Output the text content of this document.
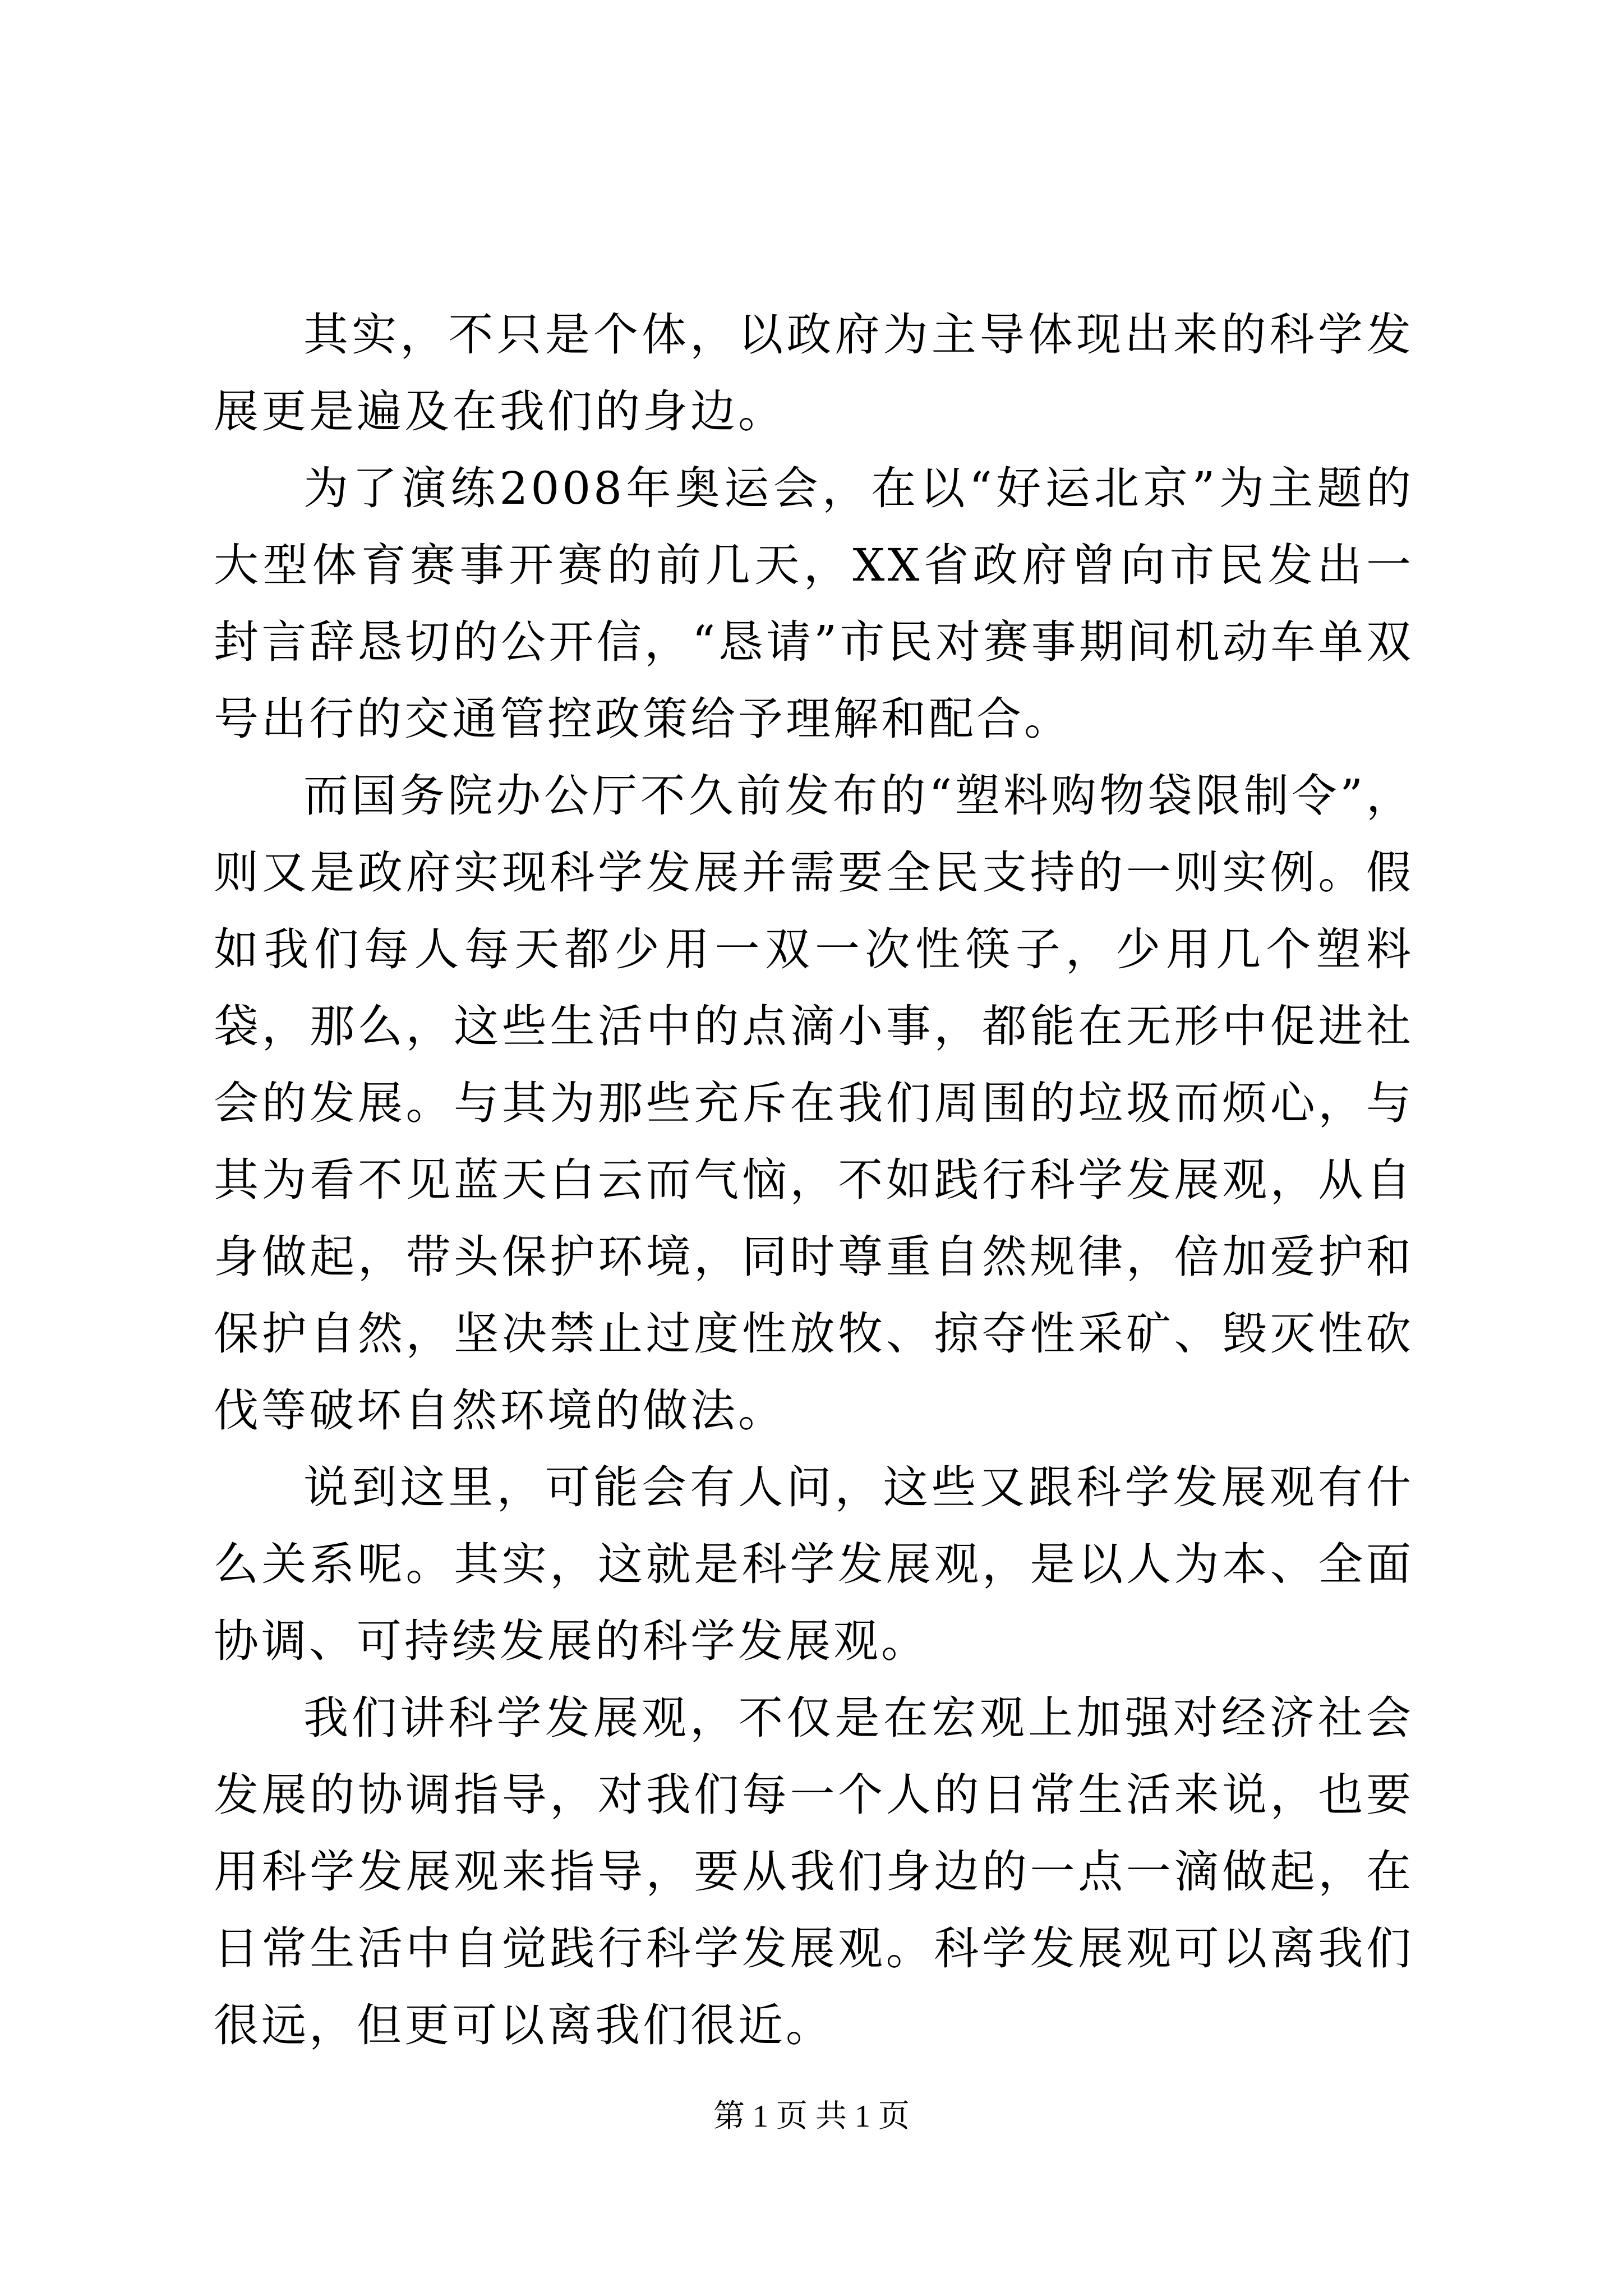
其实，不只是个体，以政府为主导体现出来的科学发展更是遍及在我们的身边。

为了演练2008年奥运会，在以“好运北京”为主题的大型体育赛事开赛的前几天，XX省政府曾向市民发出一封言辞恳切的公开信，“恳请”市民对赛事期间机动车单双号出行的交通管控政策给予理解和配合。

而国务院办公厅不久前发布的“塑料购物袋限制令”，则又是政府实现科学发展并需要全民支持的一则实例。假如我们每人每天都少用一双一次性筷子，少用几个塑料袋，那么，这些生活中的点滴小事，都能在无形中促进社会的发展。与其为那些充斥在我们周围的垃圾而烦心，与其为看不见蓝天白云而气恼，不如践行科学发展观，从自身做起，带头保护环境，同时尊重自然规律，倍加爱护和保护自然，坚决禁止过度性放牧、掠夺性采矿、毁灭性砍伐等破坏自然环境的做法。

说到这里，可能会有人问，这些又跟科学发展观有什么关系呢。其实，这就是科学发展观，是以人为本、全面协调、可持续发展的科学发展观。

我们讲科学发展观，不仅是在宏观上加强对经济社会发展的协调指导，对我们每一个人的日常生活来说，也要用科学发展观来指导，要从我们身边的一点一滴做起，在日常生活中自觉践行科学发展观。科学发展观可以离我们很远，但更可以离我们很近。

第 1 页 共 1 页
